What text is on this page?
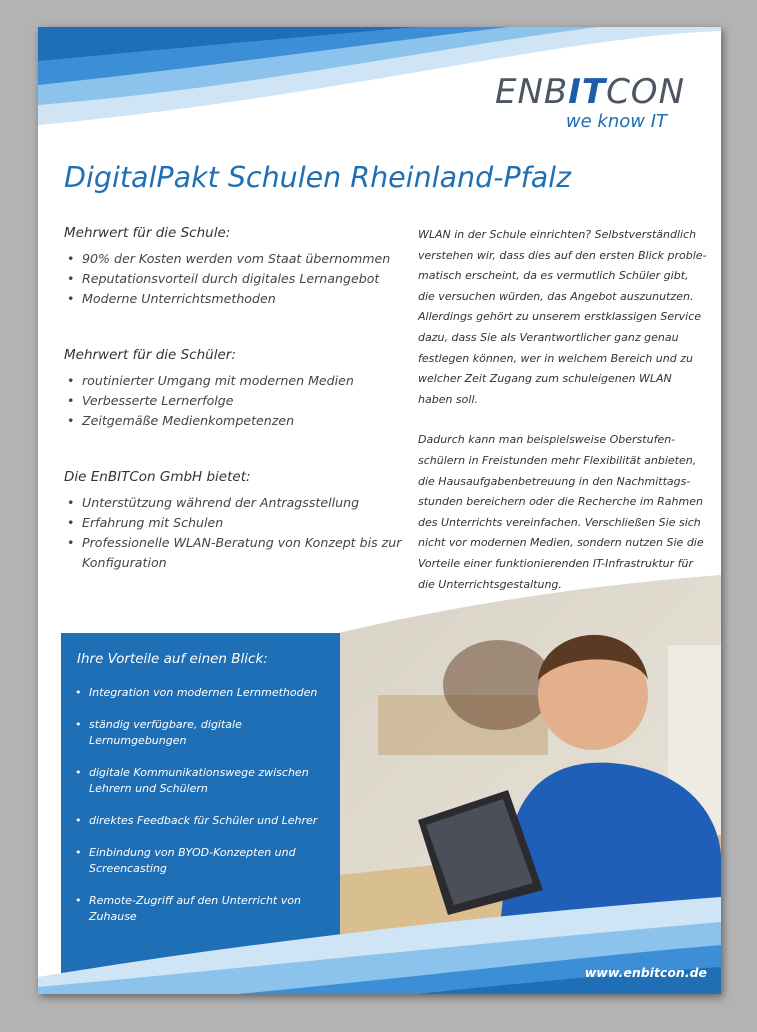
ENBITCON
we know IT
DigitalPakt Schulen Rheinland-Pfalz
Mehrwert für die Schule:
• 90% der Kosten werden vom Staat übernommen
• Reputationsvorteil durch digitales Lernangebot
• Moderne Unterrichtsmethoden
Mehrwert für die Schüler:
• routinierter Umgang mit modernen Medien
• Verbesserte Lernerfolge
• Zeitgemäße Medienkompetenzen
Die EnBITCon GmbH bietet:
• Unterstützung während der Antragsstellung
• Erfahrung mit Schulen
• Professionelle WLAN-Beratung von Konzept bis zur Konfiguration

WLAN in der Schule einrichten? Selbstverständlich verstehen wir, dass dies auf den ersten Blick proble-matisch erscheint, da es vermutlich Schüler gibt, die versuchen würden, das Angebot auszunutzen. Allerdings gehört zu unserem erstklassigen Service dazu, dass Sie als Verantwortlicher ganz genau festlegen können, wer in welchem Bereich und zu welcher Zeit Zugang zum schuleigenen WLAN haben soll.

Dadurch kann man beispielsweise Oberstufen-schülern in Freistunden mehr Flexibilität anbieten, die Hausaufgabenbetreuung in den Nachmittags-stunden bereichern oder die Recherche im Rahmen des Unterrichts vereinfachen. Verschließen Sie sich nicht vor modernen Medien, sondern nutzen Sie die Vorteile einer funktionierenden IT-Infrastruktur für die Unterrichtsgestaltung.

Ihre Vorteile auf einen Blick:
• Integration von modernen Lernmethoden
• ständig verfügbare, digitale Lernumgebungen
• digitale Kommunikationswege zwischen Lehrern und Schülern
• direktes Feedback für Schüler und Lehrer
• Einbindung von BYOD-Konzepten und Screencasting
• Remote-Zugriff auf den Unterricht von Zuhause
www.enbitcon.de
